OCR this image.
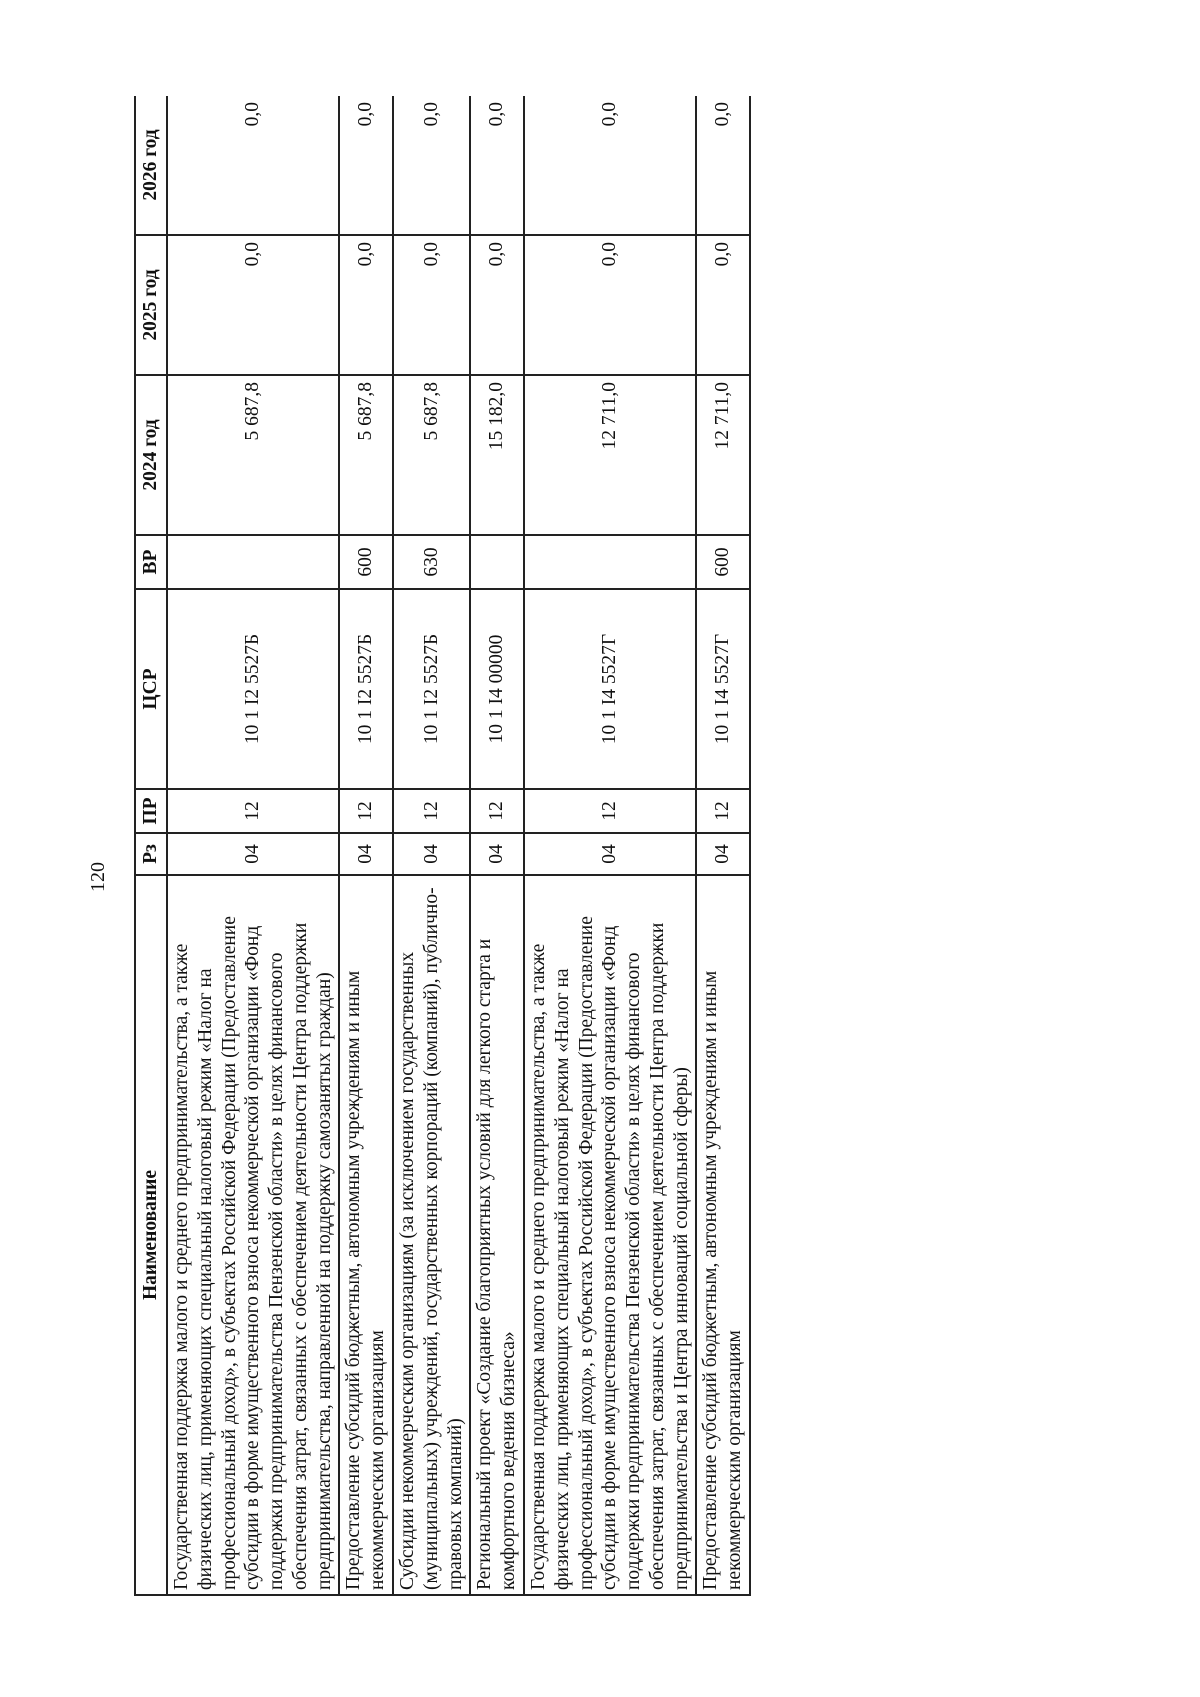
120
Наименование	Рз	ПР	ЦСР	ВР	2024 год	2025 год	2026 год
Государственная поддержка малого и среднего предпринимательства, а также физических лиц, применяющих специальный налоговый режим «Налог на профессиональный доход», в субъектах Российской Федерации (Предоставление субсидии в форме имущественного взноса некоммерческой организации «Фонд поддержки предпринимательства Пензенской области» в целях финансового обеспечения затрат, связанных с обеспечением деятельности Центра поддержки предпринимательства, направленной на поддержку самозанятых граждан)	04	12	10 1 I2 5527Б		5 687,8	0,0	0,0
Предоставление субсидий бюджетным, автономным учреждениям и иным некоммерческим организациям	04	12	10 1 I2 5527Б	600	5 687,8	0,0	0,0
Субсидии некоммерческим организациям (за исключением государственных (муниципальных) учреждений, государственных корпораций (компаний), публично-правовых компаний)	04	12	10 1 I2 5527Б	630	5 687,8	0,0	0,0
Региональный проект «Создание благоприятных условий для легкого старта и комфортного ведения бизнеса»	04	12	10 1 I4 00000		15 182,0	0,0	0,0
Государственная поддержка малого и среднего предпринимательства, а также физических лиц, применяющих специальный налоговый режим «Налог на профессиональный доход», в субъектах Российской Федерации (Предоставление субсидии в форме имущественного взноса некоммерческой организации «Фонд поддержки предпринимательства Пензенской области» в целях финансового обеспечения затрат, связанных с обеспечением деятельности Центра поддержки предпринимательства и Центра инноваций социальной сферы)	04	12	10 1 I4 5527Г		12 711,0	0,0	0,0
Предоставление субсидий бюджетным, автономным учреждениям и иным некоммерческим организациям	04	12	10 1 I4 5527Г	600	12 711,0	0,0	0,0
